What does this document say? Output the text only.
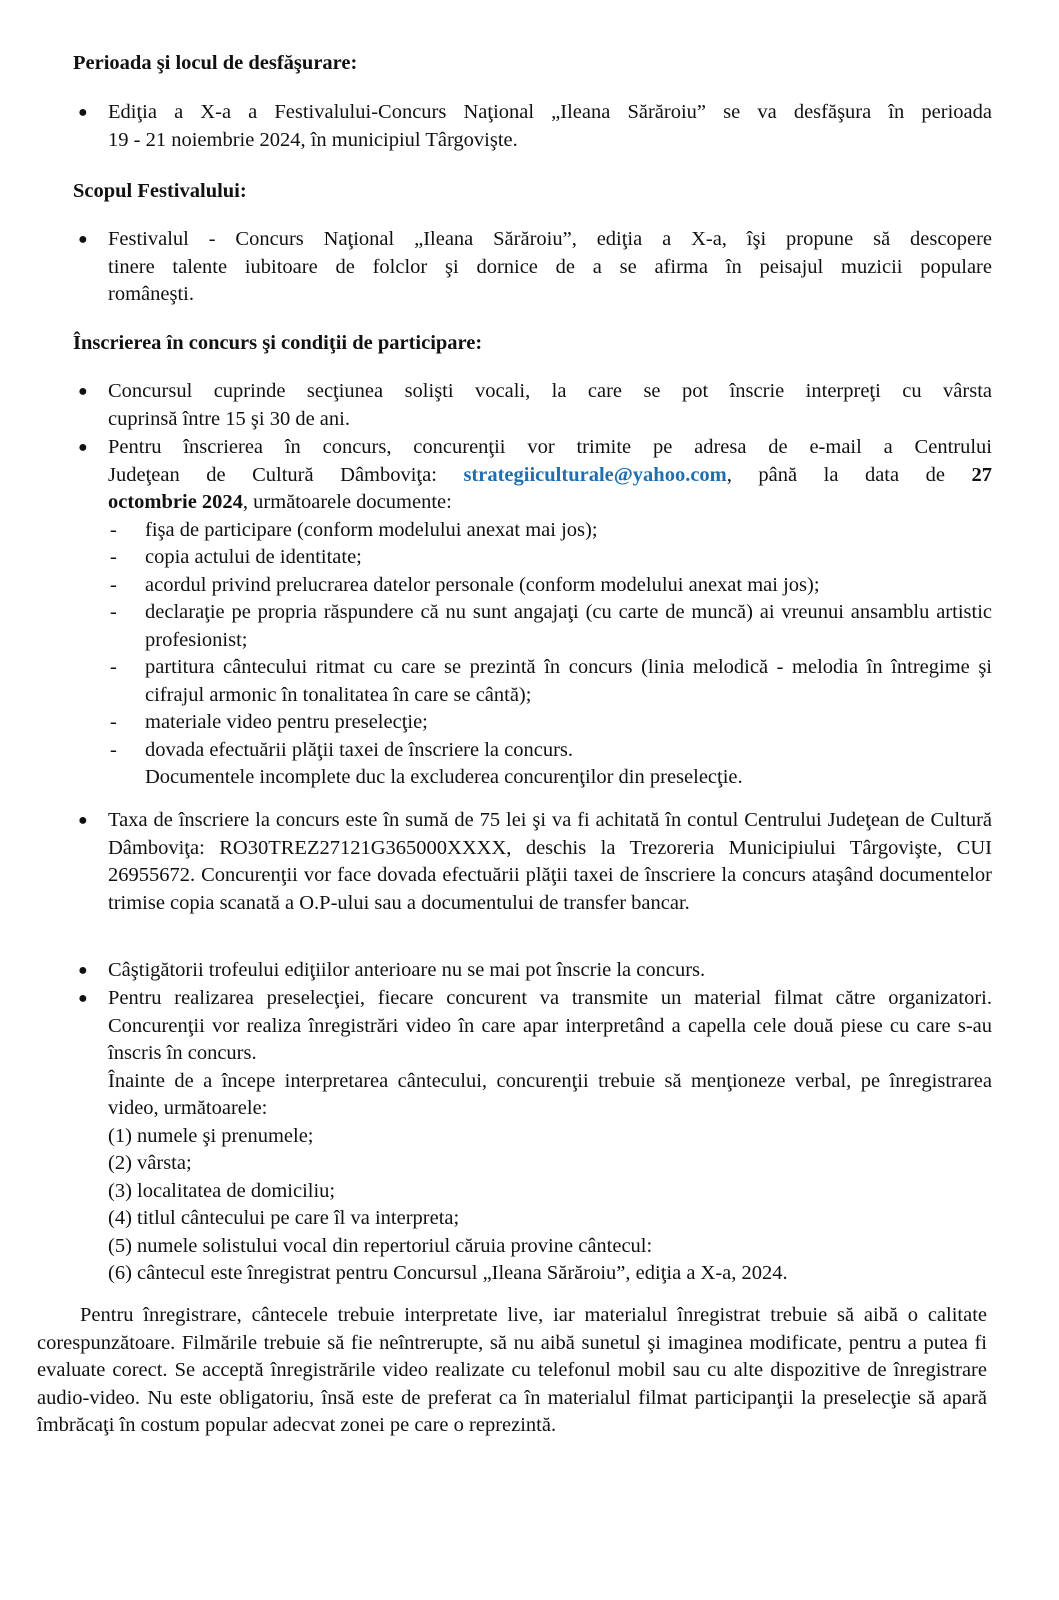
Perioada şi locul de desfăşurare:
● Ediţia a X-a a Festivalului-Concurs Naţional „Ileana Sărăroiu” se va desfăşura în perioada
19 - 21 noiembrie 2024, în municipiul Târgovişte.
Scopul Festivalului:
● Festivalul - Concurs Naţional „Ileana Sărăroiu”, ediţia a X-a, îşi propune să descopere
tinere talente iubitoare de folclor şi dornice de a se afirma în peisajul muzicii populare
româneşti.
Înscrierea în concurs şi condiţii de participare:
● Concursul cuprinde secţiunea solişti vocali, la care se pot înscrie interpreţi cu vârsta
cuprinsă între 15 şi 30 de ani.
● Pentru înscrierea în concurs, concurenţii vor trimite pe adresa de e-mail a Centrului
Judeţean de Cultură Dâmboviţa: strategiiculturale@yahoo.com, până la data de 27
octombrie 2024, următoarele documente:
- fişa de participare (conform modelului anexat mai jos);
- copia actului de identitate;
- acordul privind prelucrarea datelor personale (conform modelului anexat mai jos);
- declaraţie pe propria răspundere că nu sunt angajaţi (cu carte de muncă) ai vreunui ansamblu artistic profesionist;
- partitura cântecului ritmat cu care se prezintă în concurs (linia melodică - melodia în întregime şi cifrajul armonic în tonalitatea în care se cântă);
- materiale video pentru preselecţie;
- dovada efectuării plăţii taxei de înscriere la concurs.
Documentele incomplete duc la excluderea concurenţilor din preselecţie.
● Taxa de înscriere la concurs este în sumă de 75 lei şi va fi achitată în contul Centrului Judeţean de Cultură Dâmboviţa: RO30TREZ27121G365000XXXX, deschis la Trezoreria Municipiului Târgovişte, CUI 26955672. Concurenţii vor face dovada efectuării plăţii taxei de înscriere la concurs ataşând documentelor trimise copia scanată a O.P-ului sau a documentului de transfer bancar.
● Câştigătorii trofeului ediţiilor anterioare nu se mai pot înscrie la concurs.
● Pentru realizarea preselecţiei, fiecare concurent va transmite un material filmat către organizatori. Concurenţii vor realiza înregistrări video în care apar interpretând a capella cele două piese cu care s-au înscris în concurs.
Înainte de a începe interpretarea cântecului, concurenţii trebuie să menţioneze verbal, pe înregistrarea video, următoarele:
(1) numele şi prenumele;
(2) vârsta;
(3) localitatea de domiciliu;
(4) titlul cântecului pe care îl va interpreta;
(5) numele solistului vocal din repertoriul căruia provine cântecul:
(6) cântecul este înregistrat pentru Concursul „Ileana Sărăroiu”, ediţia a X-a, 2024.

Pentru înregistrare, cântecele trebuie interpretate live, iar materialul înregistrat trebuie să aibă o calitate corespunzătoare. Filmările trebuie să fie neîntrerupte, să nu aibă sunetul şi imaginea modificate, pentru a putea fi evaluate corect. Se acceptă înregistrările video realizate cu telefonul mobil sau cu alte dispozitive de înregistrare audio-video. Nu este obligatoriu, însă este de preferat ca în materialul filmat participanţii la preselecţie să apară îmbrăcaţi în costum popular adecvat zonei pe care o reprezintă.
